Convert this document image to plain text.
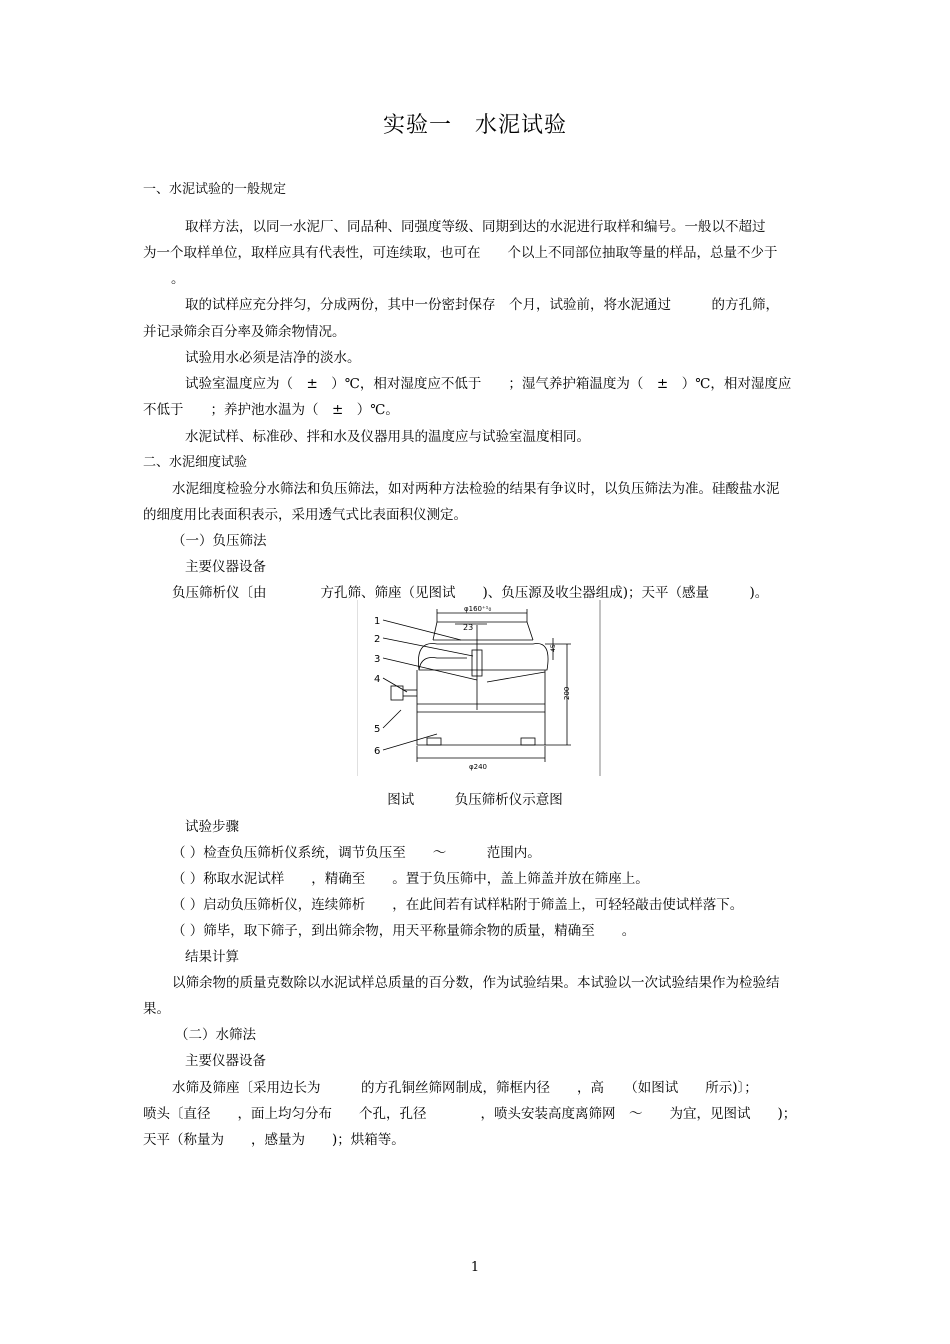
实验一　水泥试验
一、水泥试验的一般规定
取样方法，以同一水泥厂、同品种、同强度等级、同期到达的水泥进行取样和编号。一般以不超过
为一个取样单位，取样应具有代表性，可连续取，也可在　　个以上不同部位抽取等量的样品，总量不少于
。
取的试样应充分拌匀，分成两份，其中一份密封保存　个月，试验前，将水泥通过　　　的方孔筛，
并记录筛余百分率及筛余物情况。
试验用水必须是洁净的淡水。
试验室温度应为（　±　）℃，相对湿度应不低于　　；湿气养护箱温度为（　±　）℃，相对湿度应
不低于　　；养护池水温为（　±　）℃。
水泥试样、标准砂、拌和水及仪器用具的温度应与试验室温度相同。
二、水泥细度试验
水泥细度检验分水筛法和负压筛法，如对两种方法检验的结果有争议时，以负压筛法为准。硅酸盐水泥
的细度用比表面积表示，采用透气式比表面积仪测定。
（一）负压筛法
主要仪器设备
负压筛析仪〔由　　　　方孔筛、筛座（见图试　　)、负压源及收尘器组成)；天平（感量　　　)。
φ160⁺¹₀
23
200
45
φ240
1
2
3
4
5
6
图试　　　负压筛析仪示意图
试验步骤
（ ）检查负压筛析仪系统，调节负压至　　～　　　范围内。
（ ）称取水泥试样　　，精确至　　。置于负压筛中，盖上筛盖并放在筛座上。
（ ）启动负压筛析仪，连续筛析　　，在此间若有试样粘附于筛盖上，可轻轻敲击使试样落下。
（ ）筛毕，取下筛子，到出筛余物，用天平称量筛余物的质量，精确至　　。
结果计算
以筛余物的质量克数除以水泥试样总质量的百分数，作为试验结果。本试验以一次试验结果作为检验结
果。
（二）水筛法
主要仪器设备
水筛及筛座〔采用边长为　　　的方孔铜丝筛网制成，筛框内径　　，高　　（如图试　　所示)〕；
喷头〔直径　　，面上均匀分布　　个孔，孔径　　　　，喷头安装高度离筛网　～　　为宜，见图试　　)；
天平（称量为　　，感量为　　)；烘箱等。
1
